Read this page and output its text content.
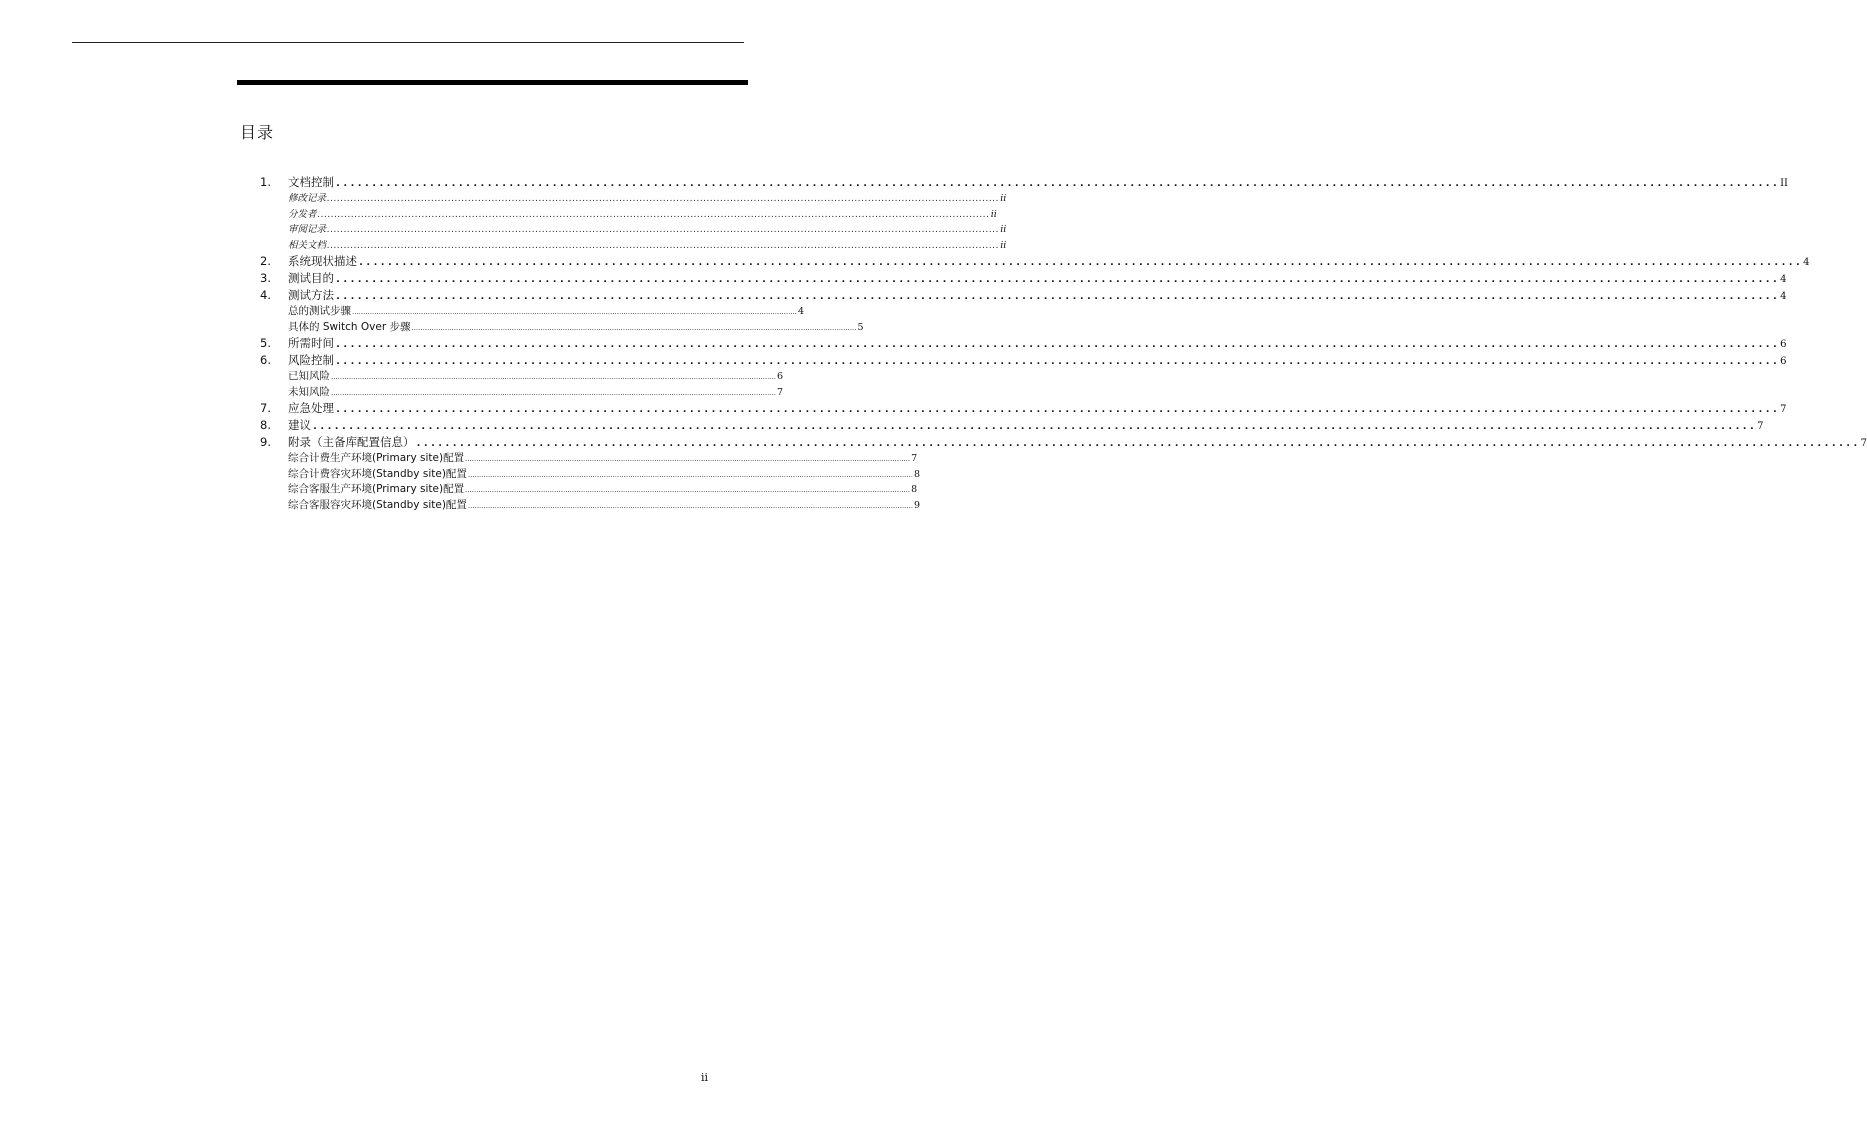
目录
1.	文档控制 ........................................................................................................................................................................................................ II
修改记录 ........................................................................................................................................................................................................ ii
分发者 ........................................................................................................................................................................................................ ii
审阅记录 ........................................................................................................................................................................................................ ii
相关文档 ........................................................................................................................................................................................................ ii
2.	系统现状描述 ........................................................................................................................................................................................................ 4
3.	测试目的 ........................................................................................................................................................................................................ 4
4.	测试方法 ........................................................................................................................................................................................................ 4
总的测试步骤 ........................................................................................................................................................................................................ 4
具体的 Switch Over 步骤 ........................................................................................................................................................................................................ 5
5.	所需时间 ........................................................................................................................................................................................................ 6
6.	风险控制 ........................................................................................................................................................................................................ 6
已知风险 ........................................................................................................................................................................................................ 6
未知风险 ........................................................................................................................................................................................................ 7
7.	应急处理 ........................................................................................................................................................................................................ 7
8.	建议 ........................................................................................................................................................................................................ 7
9.	附录（主备库配置信息） ........................................................................................................................................................................................................ 7
综合计费生产环境(Primary site)配置 ........................................................................................................................................................................................................ 7
综合计费容灾环境(Standby site)配置 ........................................................................................................................................................................................................ 8
综合客服生产环境(Primary site)配置 ........................................................................................................................................................................................................ 8
综合客服容灾环境(Standby site)配置 ........................................................................................................................................................................................................ 9
ii
